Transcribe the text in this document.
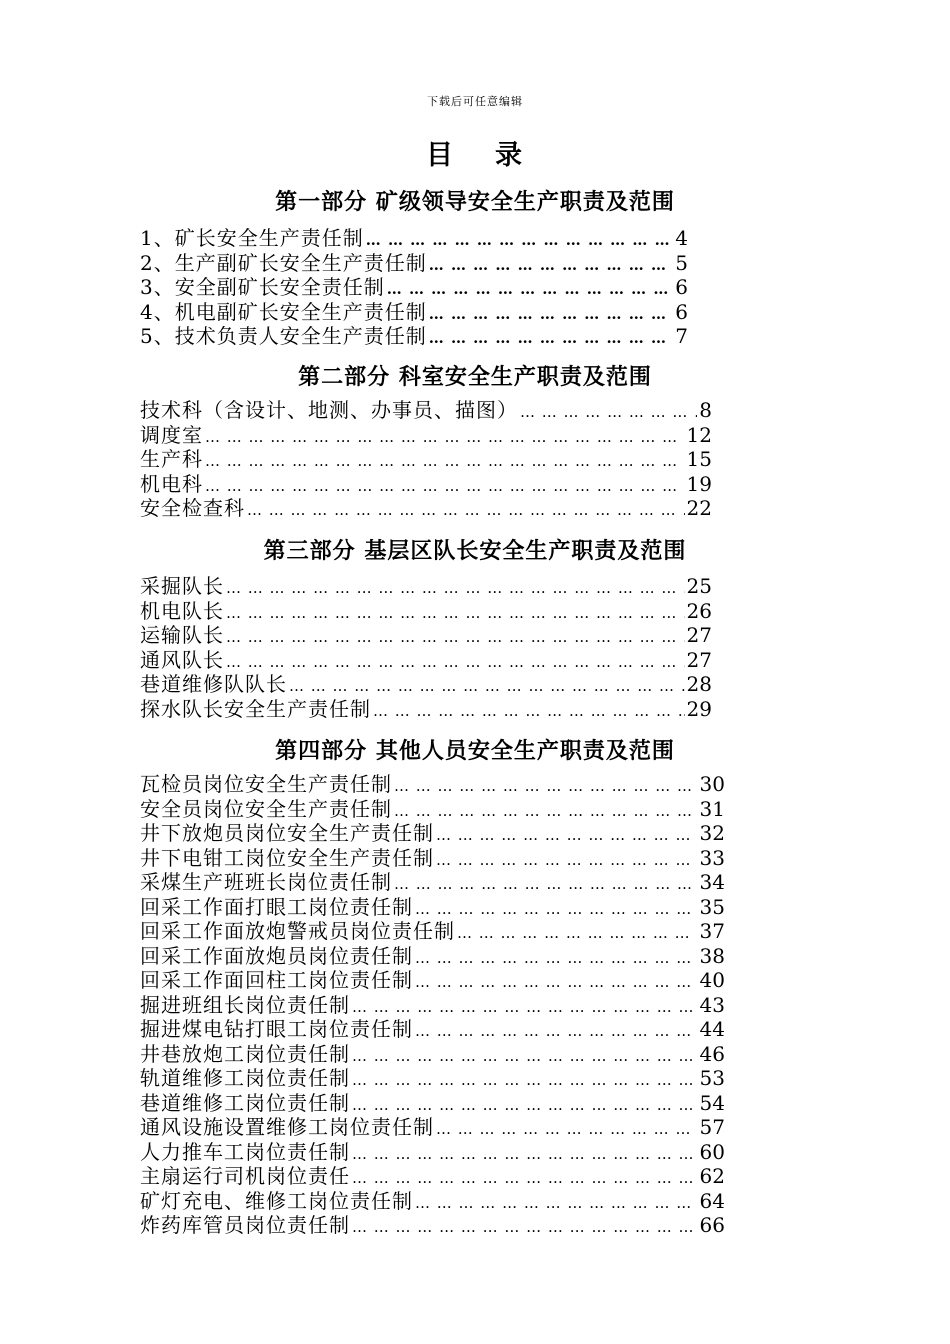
下载后可任意编辑
目 录
第一部分 矿级领导安全生产职责及范围
1、矿长安全生产责任制 … … … … … … … … … … … … … … … … … … … … … … … … … … … … … … … … … … … … … … … … …	4
2、生产副矿长安全生产责任制 … … … … … … … … … … … … … … … … … … … … … … … … … … … … … … … … … … … … … … … … …	5
3、安全副矿长安全责任制 … … … … … … … … … … … … … … … … … … … … … … … … … … … … … … … … … … … … … … … … …	6
4、机电副矿长安全生产责任制 … … … … … … … … … … … … … … … … … … … … … … … … … … … … … … … … … … … … … … … … …	6
5、技术负责人安全生产责任制 … … … … … … … … … … … … … … … … … … … … … … … … … … … … … … … … … … … … … … … … …	7
第二部分 科室安全生产职责及范围
技术科（含设计、地测、办事员、描图） … … … … … … … … … … … … … … … … … … … … … … … … … … … … … … … … … … … … … … … … …	8
调度室 … … … … … … … … … … … … … … … … … … … … … … … … … … … … … … … … … … … … … … … … …	12
生产科 … … … … … … … … … … … … … … … … … … … … … … … … … … … … … … … … … … … … … … … … …	15
机电科 … … … … … … … … … … … … … … … … … … … … … … … … … … … … … … … … … … … … … … … … …	19
安全检查科 … … … … … … … … … … … … … … … … … … … … … … … … … … … … … … … … … … … … … … … … …	22
第三部分 基层区队长安全生产职责及范围
采掘队长 … … … … … … … … … … … … … … … … … … … … … … … … … … … … … … … … … … … … … … … … …	25
机电队长 … … … … … … … … … … … … … … … … … … … … … … … … … … … … … … … … … … … … … … … … …	26
运输队长 … … … … … … … … … … … … … … … … … … … … … … … … … … … … … … … … … … … … … … … … …	27
通风队长 … … … … … … … … … … … … … … … … … … … … … … … … … … … … … … … … … … … … … … … … …	27
巷道维修队队长 … … … … … … … … … … … … … … … … … … … … … … … … … … … … … … … … … … … … … … … … …	28
探水队长安全生产责任制 … … … … … … … … … … … … … … … … … … … … … … … … … … … … … … … … … … … … … … … … …	29
第四部分 其他人员安全生产职责及范围
瓦检员岗位安全生产责任制 … … … … … … … … … … … … … … … … … … … … … … … … … … … … … … … … … … … … … … … … …	30
安全员岗位安全生产责任制 … … … … … … … … … … … … … … … … … … … … … … … … … … … … … … … … … … … … … … … … …	31
井下放炮员岗位安全生产责任制 … … … … … … … … … … … … … … … … … … … … … … … … … … … … … … … … … … … … … … … … …	32
井下电钳工岗位安全生产责任制 … … … … … … … … … … … … … … … … … … … … … … … … … … … … … … … … … … … … … … … … …	33
采煤生产班班长岗位责任制 … … … … … … … … … … … … … … … … … … … … … … … … … … … … … … … … … … … … … … … … …	34
回采工作面打眼工岗位责任制 … … … … … … … … … … … … … … … … … … … … … … … … … … … … … … … … … … … … … … … … …	35
回采工作面放炮警戒员岗位责任制 … … … … … … … … … … … … … … … … … … … … … … … … … … … … … … … … … … … … … … … … …	37
回采工作面放炮员岗位责任制 … … … … … … … … … … … … … … … … … … … … … … … … … … … … … … … … … … … … … … … … …	38
回采工作面回柱工岗位责任制 … … … … … … … … … … … … … … … … … … … … … … … … … … … … … … … … … … … … … … … … …	40
掘进班组长岗位责任制 … … … … … … … … … … … … … … … … … … … … … … … … … … … … … … … … … … … … … … … … …	43
掘进煤电钻打眼工岗位责任制 … … … … … … … … … … … … … … … … … … … … … … … … … … … … … … … … … … … … … … … … …	44
井巷放炮工岗位责任制 … … … … … … … … … … … … … … … … … … … … … … … … … … … … … … … … … … … … … … … … …	46
轨道维修工岗位责任制 … … … … … … … … … … … … … … … … … … … … … … … … … … … … … … … … … … … … … … … … …	53
巷道维修工岗位责任制 … … … … … … … … … … … … … … … … … … … … … … … … … … … … … … … … … … … … … … … … …	54
通风设施设置维修工岗位责任制 … … … … … … … … … … … … … … … … … … … … … … … … … … … … … … … … … … … … … … … … …	57
人力推车工岗位责任制 … … … … … … … … … … … … … … … … … … … … … … … … … … … … … … … … … … … … … … … … …	60
主扇运行司机岗位责任 … … … … … … … … … … … … … … … … … … … … … … … … … … … … … … … … … … … … … … … … …	62
矿灯充电、维修工岗位责任制 … … … … … … … … … … … … … … … … … … … … … … … … … … … … … … … … … … … … … … … … …	64
炸药库管员岗位责任制 … … … … … … … … … … … … … … … … … … … … … … … … … … … … … … … … … … … … … … … … …	66
